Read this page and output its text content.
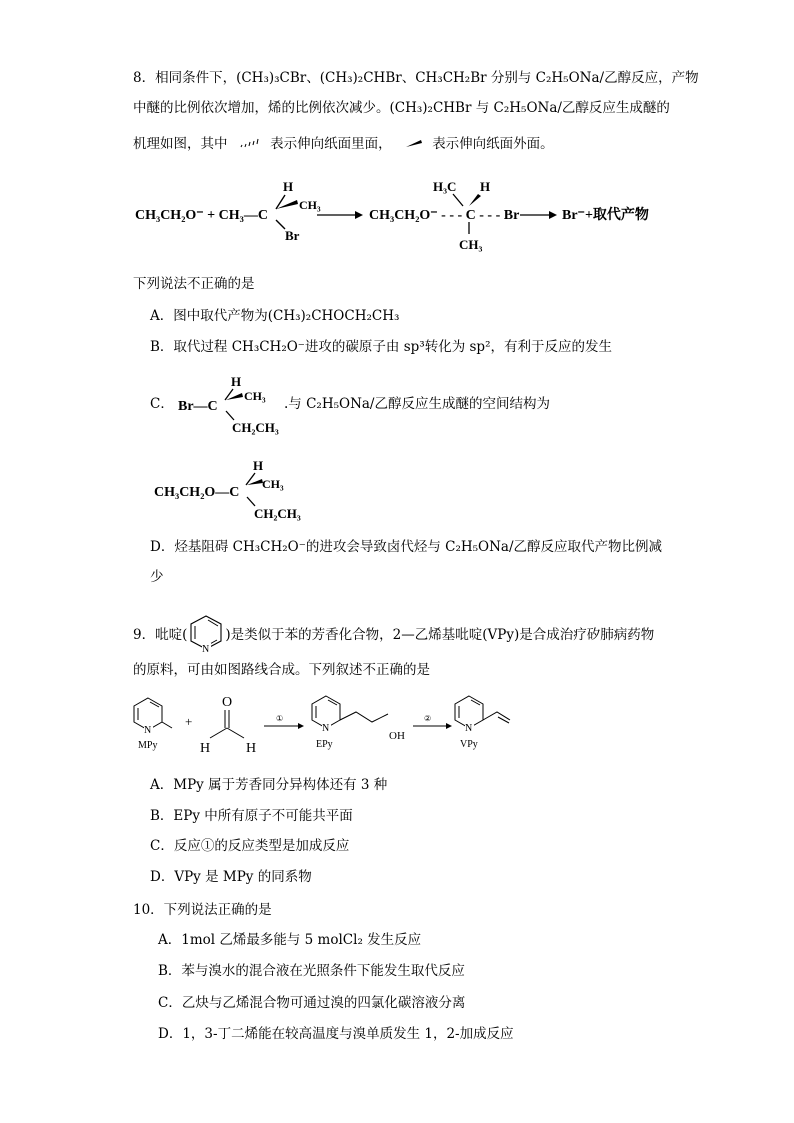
8．相同条件下，(CH₃)₃CBr、(CH₃)₂CHBr、CH₃CH₂Br 分别与 C₂H₅ONa/乙醇反应，产物
中醚的比例依次增加，烯的比例依次减少。(CH₃)₂CHBr 与 C₂H₅ONa/乙醇反应生成醚的
机理如图，其中	表示伸向纸面里面，	表示伸向纸面外面。
CH₃CH₂O⁻ + CH₃—C
H
CH₃
Br
CH₃CH₂O⁻ - - - C - - - Br
H₃C H
CH₃
Br⁻+取代产物
下列说法不正确的是
A．图中取代产物为(CH₃)₂CHOCH₂CH₃
B．取代过程 CH₃CH₂O⁻进攻的碳原子由 sp³转化为 sp²，有利于反应的发生
C． Br—C
H
CH₃
CH₂CH₃
.与 C₂H₅ONa/乙醇反应生成醚的空间结构为
CH₃CH₂O—C
H
CH₃
CH₂CH₃
D．烃基阻碍 CH₃CH₂O⁻的进攻会导致卤代烃与 C₂H₅ONa/乙醇反应取代产物比例减
少
9．吡啶(
N
)是类似于苯的芳香化合物，2—乙烯基吡啶(VPy)是合成治疗矽肺病药物
的原料，可由如图路线合成。下列叙述不正确的是
N
MPy
+
O
H	H
①
N
OH
EPy
②
N
VPy
A．MPy 属于芳香同分异构体还有 3 种
B．EPy 中所有原子不可能共平面
C．反应①的反应类型是加成反应
D．VPy 是 MPy 的同系物
10．下列说法正确的是
A．1mol 乙烯最多能与 5 molCl₂ 发生反应
B．苯与溴水的混合液在光照条件下能发生取代反应
C．乙炔与乙烯混合物可通过溴的四氯化碳溶液分离
D．1，3-丁二烯能在较高温度与溴单质发生 1，2-加成反应
